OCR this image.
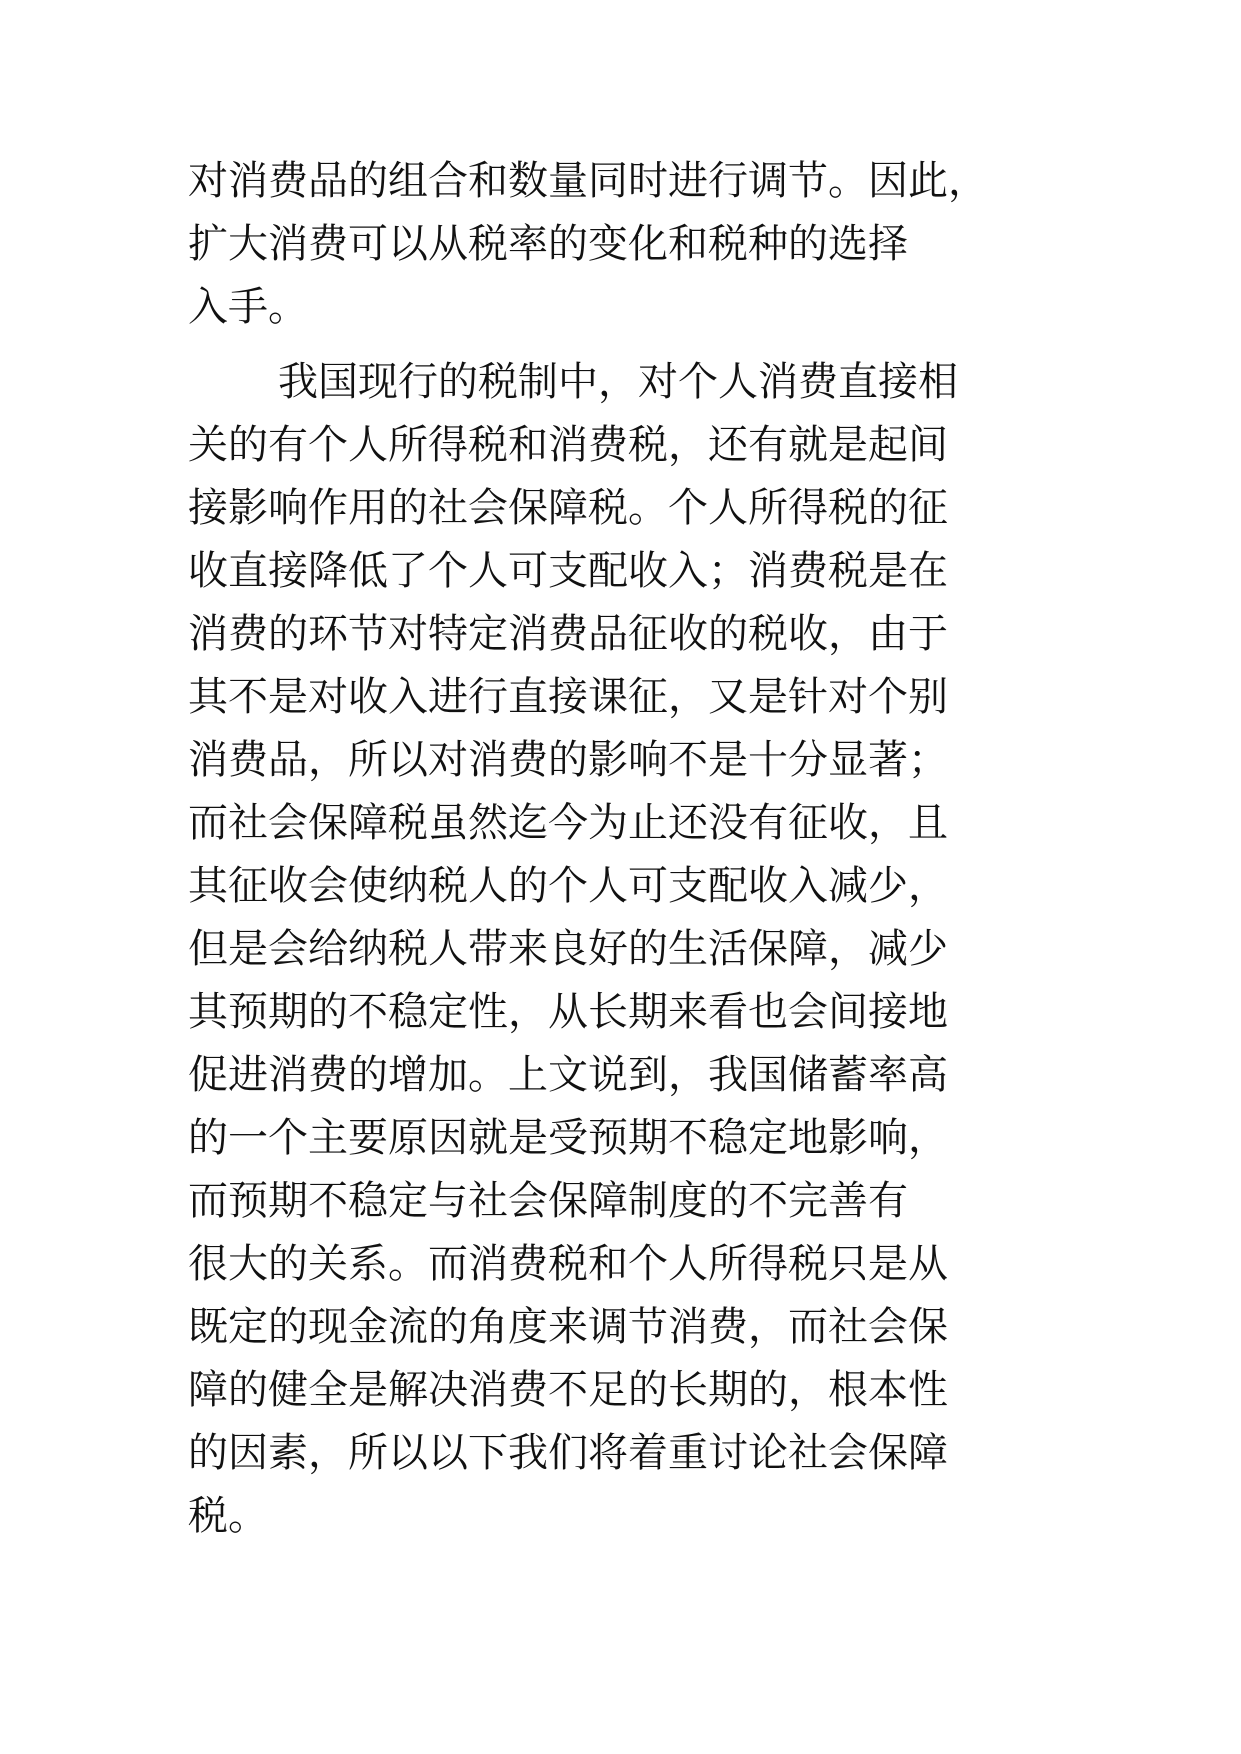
对消费品的组合和数量同时进行调节。因此，

扩大消费可以从税率的变化和税种的选择

入手。

我国现行的税制中，对个人消费直接相

关的有个人所得税和消费税，还有就是起间

接影响作用的社会保障税。个人所得税的征

收直接降低了个人可支配收入；消费税是在

消费的环节对特定消费品征收的税收，由于

其不是对收入进行直接课征，又是针对个别

消费品，所以对消费的影响不是十分显著；

而社会保障税虽然迄今为止还没有征收，且

其征收会使纳税人的个人可支配收入减少，

但是会给纳税人带来良好的生活保障，减少

其预期的不稳定性，从长期来看也会间接地

促进消费的增加。上文说到，我国储蓄率高

的一个主要原因就是受预期不稳定地影响，

而预期不稳定与社会保障制度的不完善有

很大的关系。而消费税和个人所得税只是从

既定的现金流的角度来调节消费，而社会保

障的健全是解决消费不足的长期的，根本性

的因素，所以以下我们将着重讨论社会保障

税。
